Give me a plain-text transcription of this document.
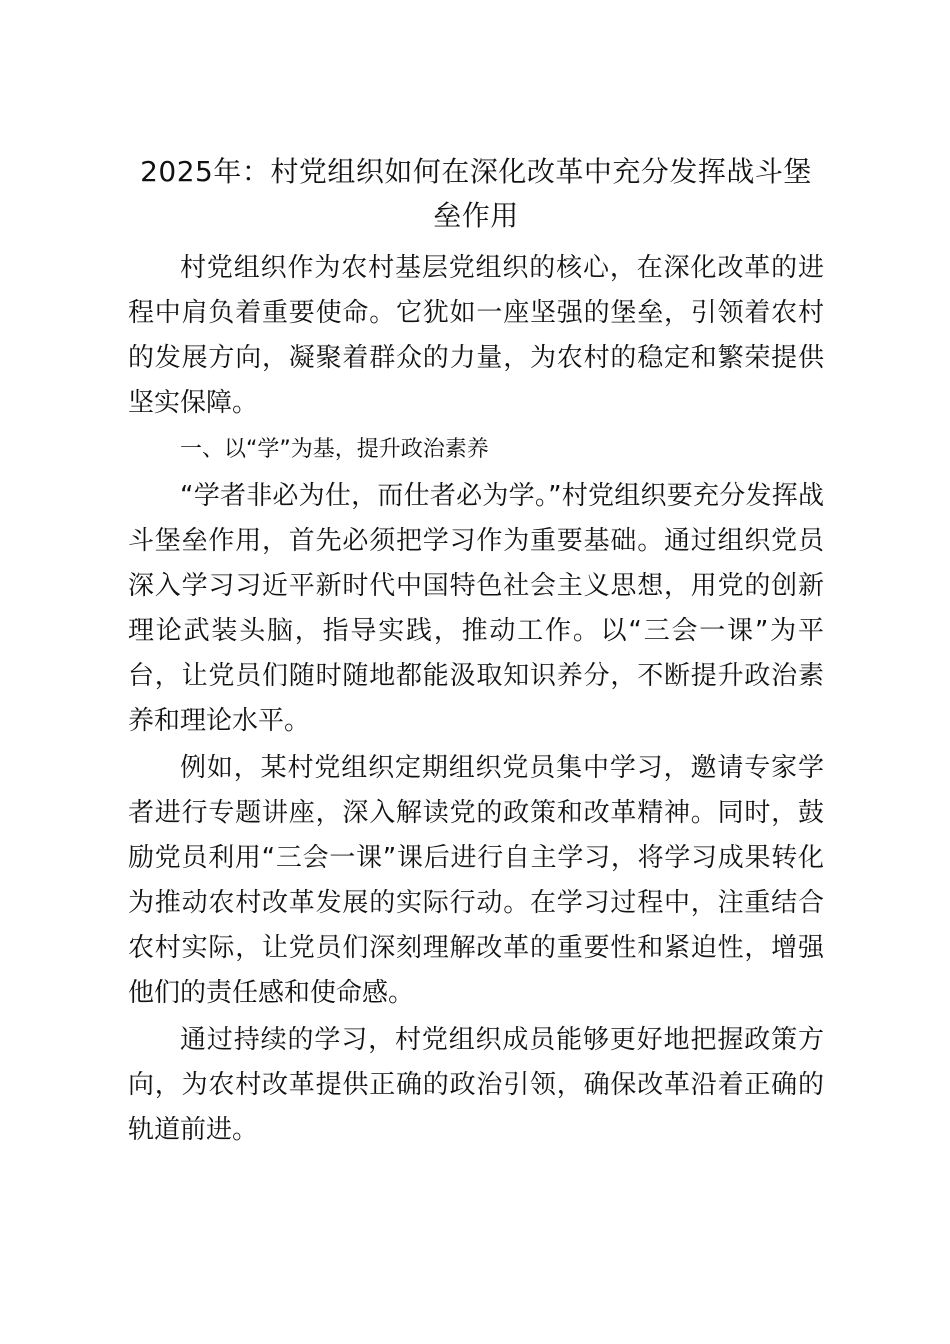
2025年：村党组织如何在深化改革中充分发挥战斗堡垒作用

村党组织作为农村基层党组织的核心，在深化改革的进程中肩负着重要使命。它犹如一座坚强的堡垒，引领着农村的发展方向，凝聚着群众的力量，为农村的稳定和繁荣提供坚实保障。

一、以“学”为基，提升政治素养

“学者非必为仕，而仕者必为学。”村党组织要充分发挥战斗堡垒作用，首先必须把学习作为重要基础。通过组织党员深入学习习近平新时代中国特色社会主义思想，用党的创新理论武装头脑，指导实践，推动工作。以“三会一课”为平台，让党员们随时随地都能汲取知识养分，不断提升政治素养和理论水平。

例如，某村党组织定期组织党员集中学习，邀请专家学者进行专题讲座，深入解读党的政策和改革精神。同时，鼓励党员利用“三会一课”课后进行自主学习，将学习成果转化为推动农村改革发展的实际行动。在学习过程中，注重结合农村实际，让党员们深刻理解改革的重要性和紧迫性，增强他们的责任感和使命感。

通过持续的学习，村党组织成员能够更好地把握政策方向，为农村改革提供正确的政治引领，确保改革沿着正确的轨道前进。
